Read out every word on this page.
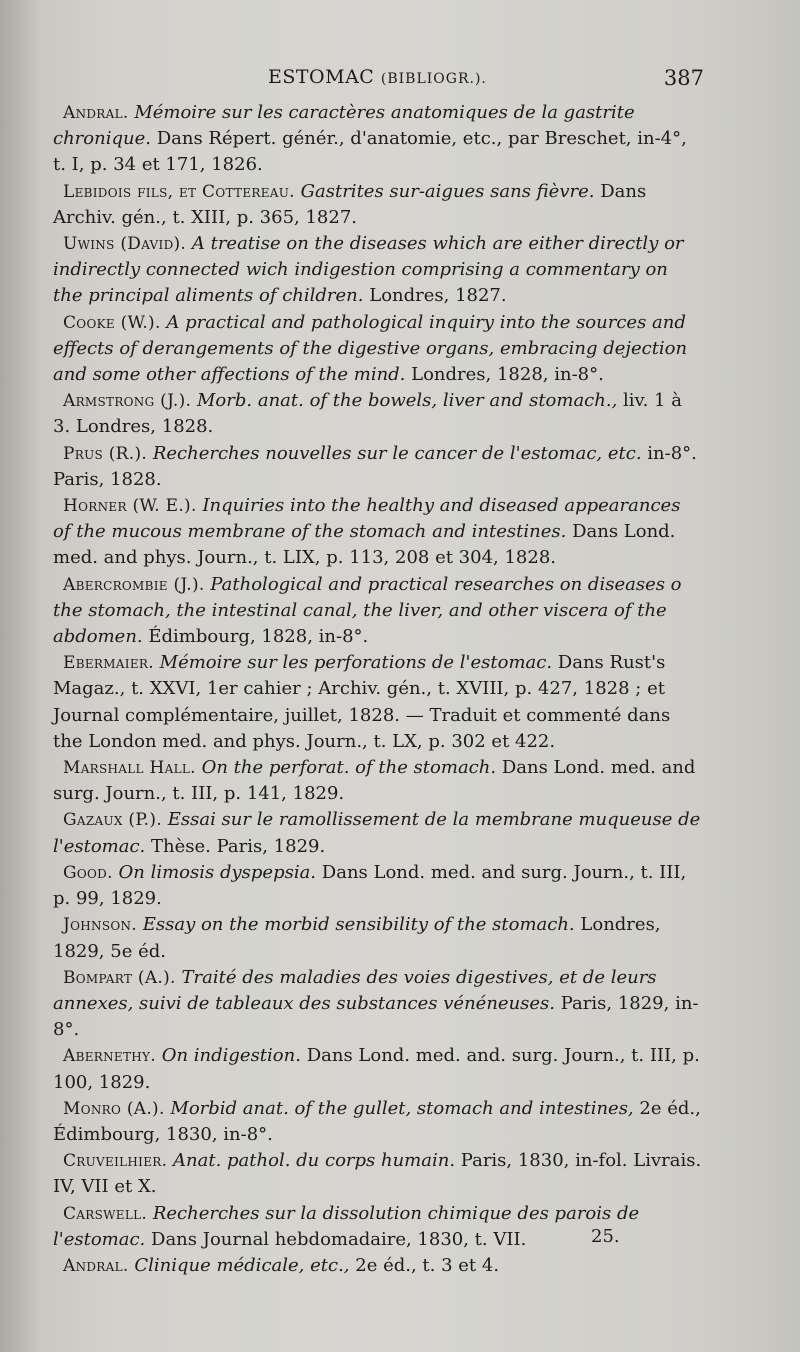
ESTOMAC (BIBLIOGR.).	387

Andral. Mémoire sur les caractères anatomiques de la gastrite chronique. Dans Répert. génér., d'anatomie, etc., par Breschet, in-4°, t. I, p. 34 et 171, 1826.

Lebidois fils, et Cottereau. Gastrites sur-aigues sans fièvre. Dans Archiv. gén., t. XIII, p. 365, 1827.

Uwins (David). A treatise on the diseases which are either directly or indirectly connected wich indigestion comprising a commentary on the principal aliments of children. Londres, 1827.

Cooke (W.). A practical and pathological inquiry into the sources and effects of derangements of the digestive organs, embracing dejection and some other affections of the mind. Londres, 1828, in-8°.

Armstrong (J.). Morb. anat. of the bowels, liver and stomach., liv. 1 à 3. Londres, 1828.

Prus (R.). Recherches nouvelles sur le cancer de l'estomac, etc. in-8°. Paris, 1828.

Horner (W. E.). Inquiries into the healthy and diseased appearances of the mucous membrane of the stomach and intestines. Dans Lond. med. and phys. Journ., t. LIX, p. 113, 208 et 304, 1828.

Abercrombie (J.). Pathological and practical researches on diseases o the stomach, the intestinal canal, the liver, and other viscera of the abdomen. Édimbourg, 1828, in-8°.

Ebermaier. Mémoire sur les perforations de l'estomac. Dans Rust's Magaz., t. XXVI, 1er cahier ; Archiv. gén., t. XVIII, p. 427, 1828 ; et Journal complémentaire, juillet, 1828. — Traduit et commenté dans the London med. and phys. Journ., t. LX, p. 302 et 422.

Marshall Hall. On the perforat. of the stomach. Dans Lond. med. and surg. Journ., t. III, p. 141, 1829.

Gazaux (P.). Essai sur le ramollissement de la membrane muqueuse de l'estomac. Thèse. Paris, 1829.

Good. On limosis dyspepsia. Dans Lond. med. and surg. Journ., t. III, p. 99, 1829.

Johnson. Essay on the morbid sensibility of the stomach. Londres, 1829, 5e éd.

Bompart (A.). Traité des maladies des voies digestives, et de leurs annexes, suivi de tableaux des substances vénéneuses. Paris, 1829, in-8°.

Abernethy. On indigestion. Dans Lond. med. and. surg. Journ., t. III, p. 100, 1829.

Monro (A.). Morbid anat. of the gullet, stomach and intestines, 2e éd., Édimbourg, 1830, in-8°.

Cruveilhier. Anat. pathol. du corps humain. Paris, 1830, in-fol. Livrais. IV, VII et X.

Carswell. Recherches sur la dissolution chimique des parois de l'estomac. Dans Journal hebdomadaire, 1830, t. VII.

Andral. Clinique médicale, etc., 2e éd., t. 3 et 4.

25.
